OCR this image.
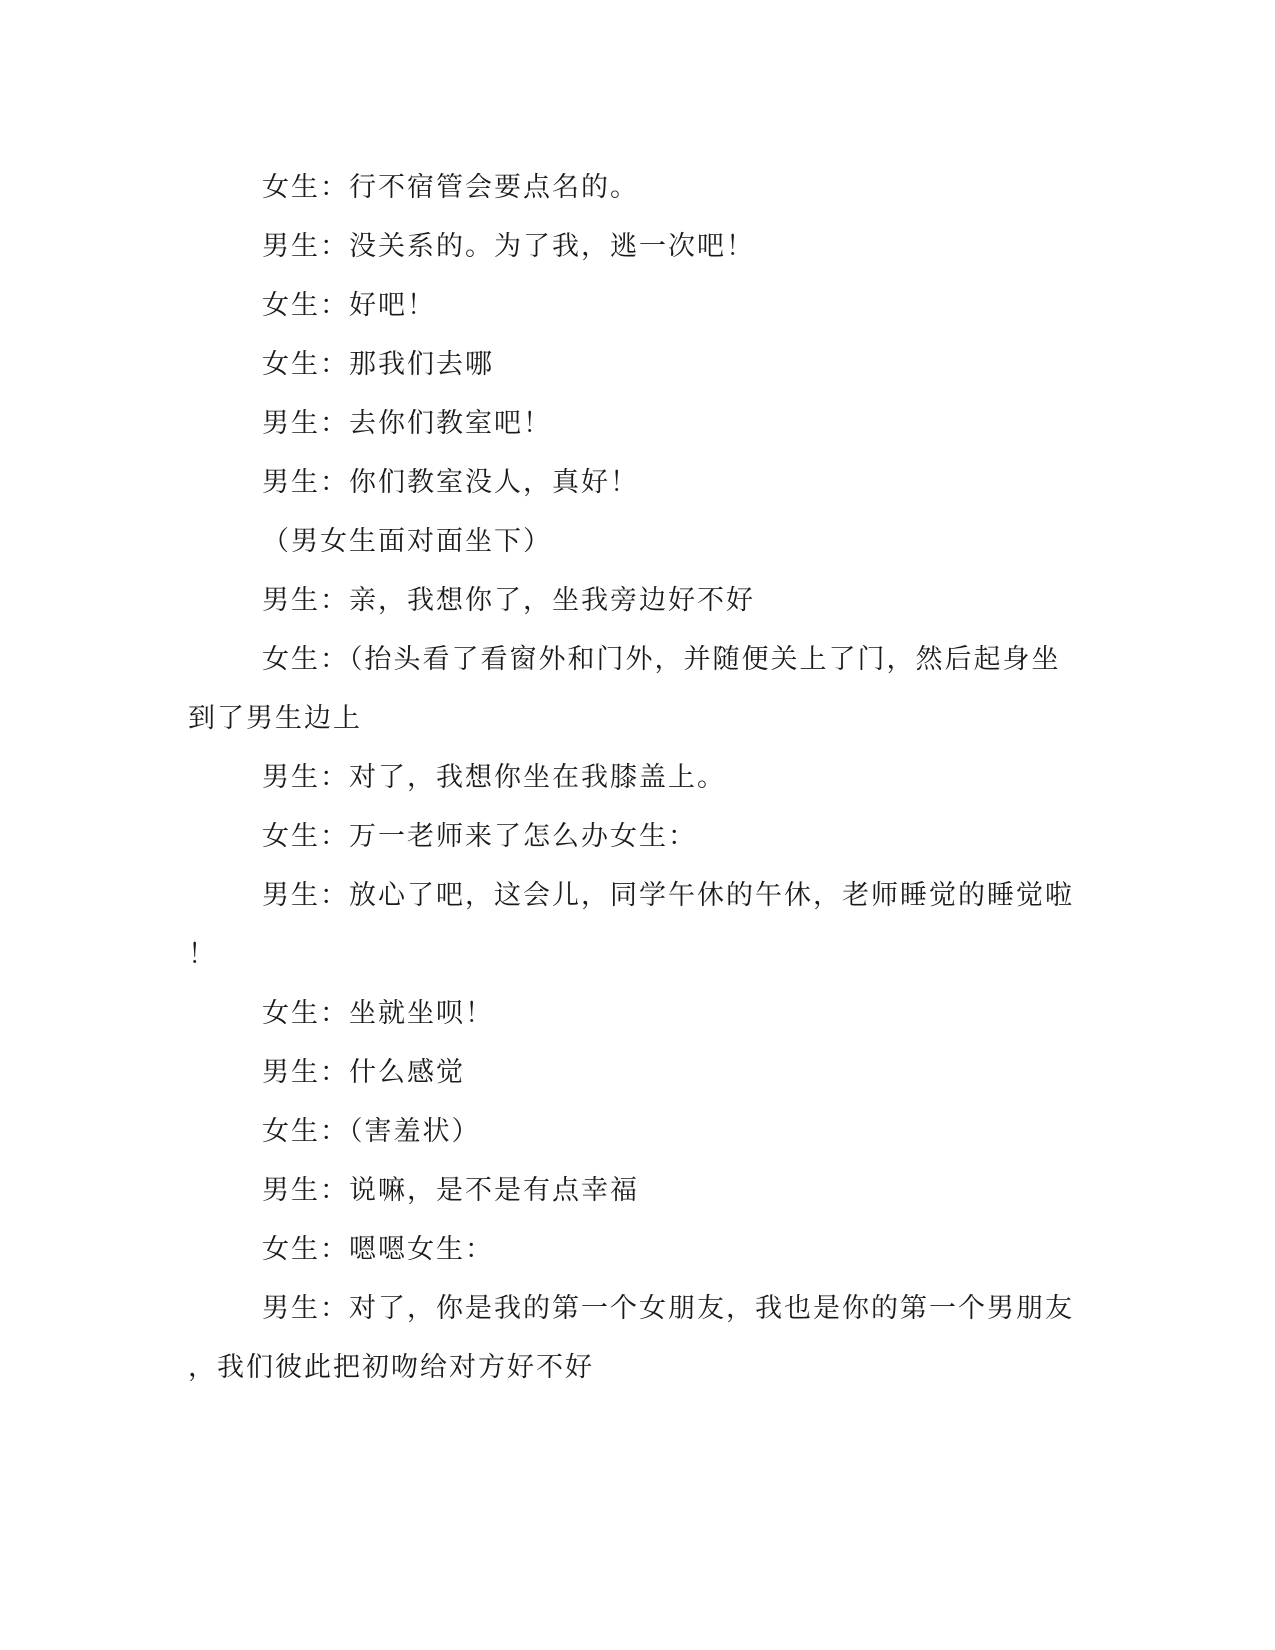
女生：行不宿管会要点名的。
男生：没关系的。为了我，逃一次吧！
女生：好吧！
女生：那我们去哪
男生：去你们教室吧！
男生：你们教室没人，真好！
（男女生面对面坐下）
男生：亲，我想你了，坐我旁边好不好
女生：（抬头看了看窗外和门外，并随便关上了门，然后起身坐
到了男生边上
男生：对了，我想你坐在我膝盖上。
女生：万一老师来了怎么办女生：
男生：放心了吧，这会儿，同学午休的午休，老师睡觉的睡觉啦
！
女生：坐就坐呗！
男生：什么感觉
女生：（害羞状）
男生：说嘛，是不是有点幸福
女生：嗯嗯女生：
男生：对了，你是我的第一个女朋友，我也是你的第一个男朋友
，我们彼此把初吻给对方好不好
